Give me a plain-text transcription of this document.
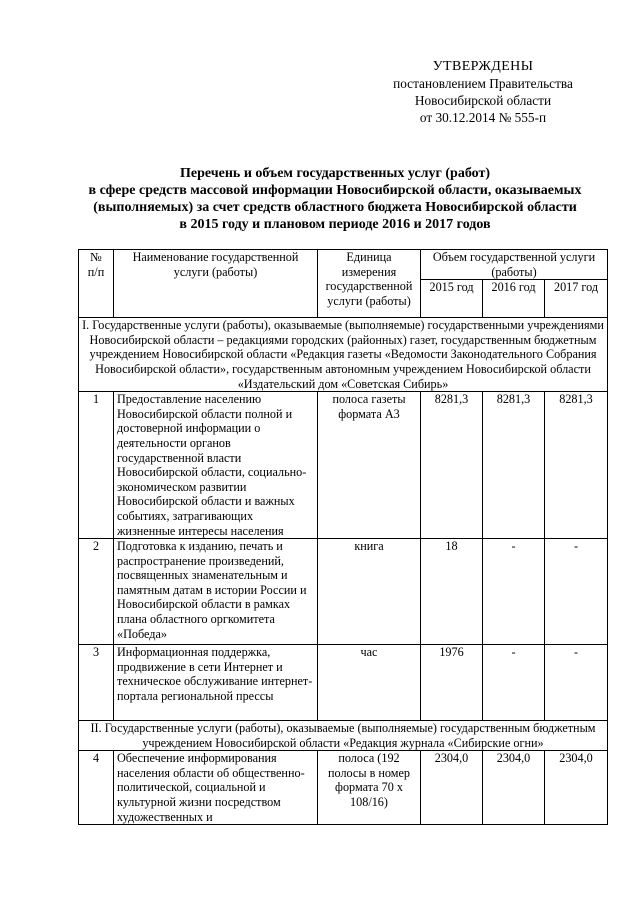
УТВЕРЖДЕНЫ
постановлением Правительства
Новосибирской области
от 30.12.2014 № 555-п
Перечень и объем государственных услуг (работ)
в сфере средств массовой информации Новосибирской области, оказываемых
(выполняемых) за счет средств областного бюджета Новосибирской области
в 2015 году и плановом периоде 2016 и 2017 годов
№
п/п	Наименование государственной услуги (работы)	Единица измерения государственной услуги (работы)	Объем государственной услуги (работы)		
			2015 год	2016 год	2017 год
I. Государственные услуги (работы), оказываемые (выполняемые) государственными учреждениями Новосибирской области – редакциями городских (районных) газет, государственным бюджетным учреждением Новосибирской области «Редакция газеты «Ведомости Законодательного Собрания Новосибирской области», государственным автономным учреждением Новосибирской области «Издательский дом «Советская Сибирь»					
1	Предоставление населению Новосибирской области полной и достоверной информации о деятельности органов государственной власти Новосибирской области, социально-экономическом развитии Новосибирской области и важных событиях, затрагивающих жизненные интересы населения	полоса газеты формата А3	8281,3	8281,3	8281,3
2	Подготовка к изданию, печать и распространение произведений, посвященных знаменательным и памятным датам в истории России и Новосибирской области в рамках плана областного оргкомитета «Победа»	книга	18	-	-
3	Информационная поддержка, продвижение в сети Интернет и техническое обслуживание интернет-портала региональной прессы	час	1976	-	-
II. Государственные услуги (работы), оказываемые (выполняемые) государственным бюджетным учреждением Новосибирской области «Редакция журнала «Сибирские огни»					
4	Обеспечение информирования населения области об общественно-политической, социальной и культурной жизни посредством художественных и	полоса (192 полосы в номер формата 70 х 108/16)	2304,0	2304,0	2304,0
